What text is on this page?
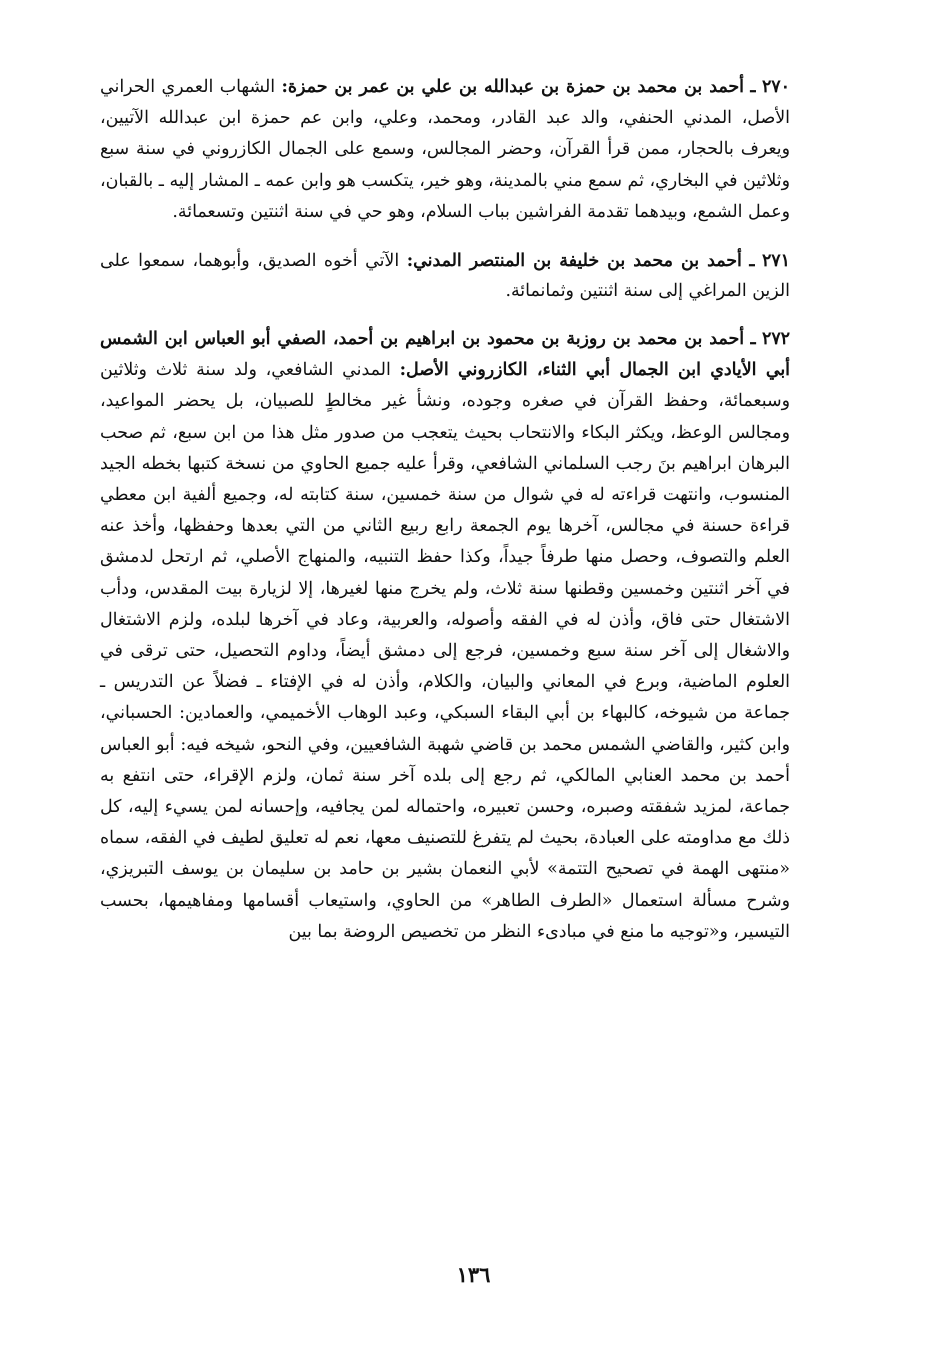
٢٧٠ ـ أحمد بن محمد بن حمزة بن عبدالله بن علي بن عمر بن حمزة: الشهاب العمري الحراني الأصل، المدني الحنفي، والد عبد القادر، ومحمد، وعلي، وابن عم حمزة ابن عبدالله الآتيين، ويعرف بالحجار، ممن قرأ القرآن، وحضر المجالس، وسمع على الجمال الكازروني في سنة سبع وثلاثين في البخاري، ثم سمع مني بالمدينة، وهو خير، يتكسب هو وابن عمه ـ المشار إليه ـ بالقبان، وعمل الشمع، وبيدهما تقدمة الفراشين بباب السلام، وهو حي في سنة اثنتين وتسعمائة.

٢٧١ ـ أحمد بن محمد بن خليفة بن المنتصر المدني: الآتي أخوه الصديق، وأبوهما، سمعوا على الزين المراغي إلى سنة اثنتين وثمانمائة.

٢٧٢ ـ أحمد بن محمد بن روزبة بن محمود بن ابراهيم بن أحمد، الصفي أبو العباس ابن الشمس أبي الأيادي ابن الجمال أبي الثناء، الكازروني الأصل: المدني الشافعي، ولد سنة ثلاث وثلاثين وسبعمائة، وحفظ القرآن في صغره وجوده، ونشأ غير مخالطٍ للصبيان، بل يحضر المواعيد، ومجالس الوعظ، ويكثر البكاء والانتحاب بحيث يتعجب من صدور مثل هذا من ابن سبع، ثم صحب البرهان ابراهيم بنَ رجب السلماني الشافعي، وقرأ عليه جميع الحاوي من نسخة كتبها بخطه الجيد المنسوب، وانتهت قراءته له في شوال من سنة خمسين، سنة كتابته له، وجميع ألفية ابن معطي قراءة حسنة في مجالس، آخرها يوم الجمعة رابع ربيع الثاني من التي بعدها وحفظها، وأخذ عنه العلم والتصوف، وحصل منها طرفاً جيداً، وكذا حفظ التنبيه، والمنهاج الأصلي، ثم ارتحل لدمشق في آخر اثنتين وخمسين وقطنها سنة ثلاث، ولم يخرج منها لغيرها، إلا لزيارة بيت المقدس، ودأب الاشتغال حتى فاق، وأذن له في الفقه وأصوله، والعربية، وعاد في آخرها لبلده، ولزم الاشتغال والاشغال إلى آخر سنة سبع وخمسين، فرجع إلى دمشق أيضاً، وداوم التحصيل، حتى ترقى في العلوم الماضية، وبرع في المعاني والبيان، والكلام، وأذن له في الإفتاء ـ فضلاً عن التدريس ـ جماعة من شيوخه، كالبهاء بن أبي البقاء السبكي، وعبد الوهاب الأخميمي، والعمادين: الحسباني، وابن كثير، والقاضي الشمس محمد بن قاضي شهبة الشافعيين، وفي النحو، شيخه فيه: أبو العباس أحمد بن محمد العنابي المالكي، ثم رجع إلى بلده آخر سنة ثمان، ولزم الإقراء، حتى انتفع به جماعة، لمزيد شفقته وصبره، وحسن تعبيره، واحتماله لمن يجافيه، وإحسانه لمن يسيء إليه، كل ذلك مع مداومته على العبادة، بحيث لم يتفرغ للتصنيف معها، نعم له تعليق لطيف في الفقه، سماه «منتهى الهمة في تصحيح التتمة» لأبي النعمان بشير بن حامد بن سليمان بن يوسف التبريزي، وشرح مسألة استعمال «الطرف الطاهر» من الحاوي، واستيعاب أقسامها ومفاهيمها، بحسب التيسير، و«توجيه ما منع في مبادىء النظر من تخصيص الروضة بما بين

١٣٦
